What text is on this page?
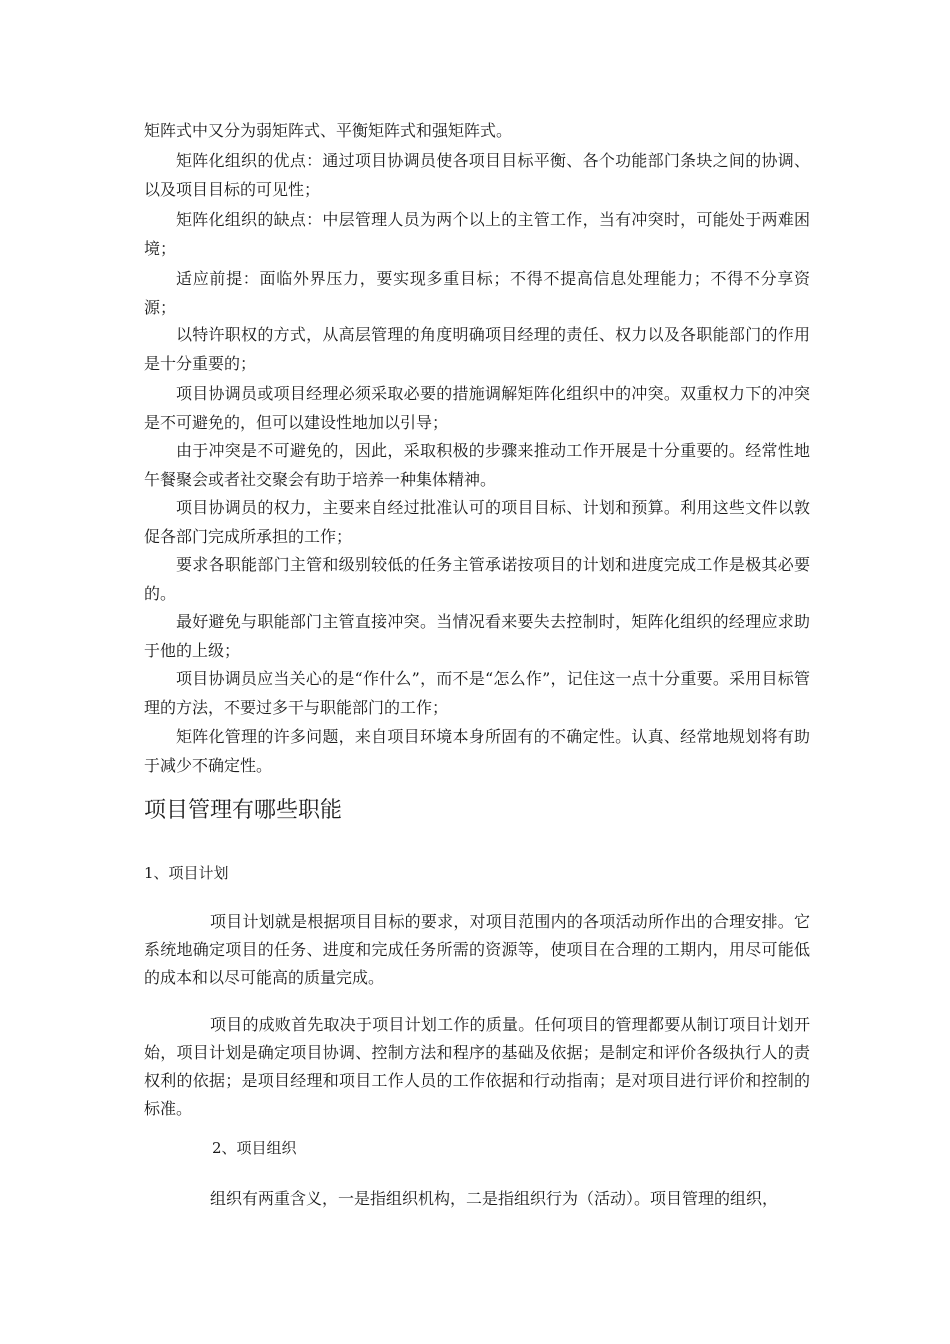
矩阵式中又分为弱矩阵式、平衡矩阵式和强矩阵式。

矩阵化组织的优点：通过项目协调员使各项目目标平衡、各个功能部门条块之间的协调、以及项目目标的可见性；

矩阵化组织的缺点：中层管理人员为两个以上的主管工作，当有冲突时，可能处于两难困境；

适应前提：面临外界压力，要实现多重目标；不得不提高信息处理能力；不得不分享资源；

以特许职权的方式，从高层管理的角度明确项目经理的责任、权力以及各职能部门的作用是十分重要的；

项目协调员或项目经理必须采取必要的措施调解矩阵化组织中的冲突。双重权力下的冲突是不可避免的，但可以建设性地加以引导；

由于冲突是不可避免的，因此，采取积极的步骤来推动工作开展是十分重要的。经常性地午餐聚会或者社交聚会有助于培养一种集体精神。

项目协调员的权力，主要来自经过批准认可的项目目标、计划和预算。利用这些文件以敦促各部门完成所承担的工作；

要求各职能部门主管和级别较低的任务主管承诺按项目的计划和进度完成工作是极其必要的。

最好避免与职能部门主管直接冲突。当情况看来要失去控制时，矩阵化组织的经理应求助于他的上级；

项目协调员应当关心的是“作什么”，而不是“怎么作”，记住这一点十分重要。采用目标管理的方法，不要过多干与职能部门的工作；

矩阵化管理的许多问题，来自项目环境本身所固有的不确定性。认真、经常地规划将有助于减少不确定性。

项目管理有哪些职能

1、项目计划

项目计划就是根据项目目标的要求，对项目范围内的各项活动所作出的合理安排。它系统地确定项目的任务、进度和完成任务所需的资源等，使项目在合理的工期内，用尽可能低的成本和以尽可能高的质量完成。

项目的成败首先取决于项目计划工作的质量。任何项目的管理都要从制订项目计划开始，项目计划是确定项目协调、控制方法和程序的基础及依据；是制定和评价各级执行人的责权利的依据；是项目经理和项目工作人员的工作依据和行动指南；是对项目进行评价和控制的标准。

2、项目组织

组织有两重含义，一是指组织机构，二是指组织行为（活动）。项目管理的组织，
